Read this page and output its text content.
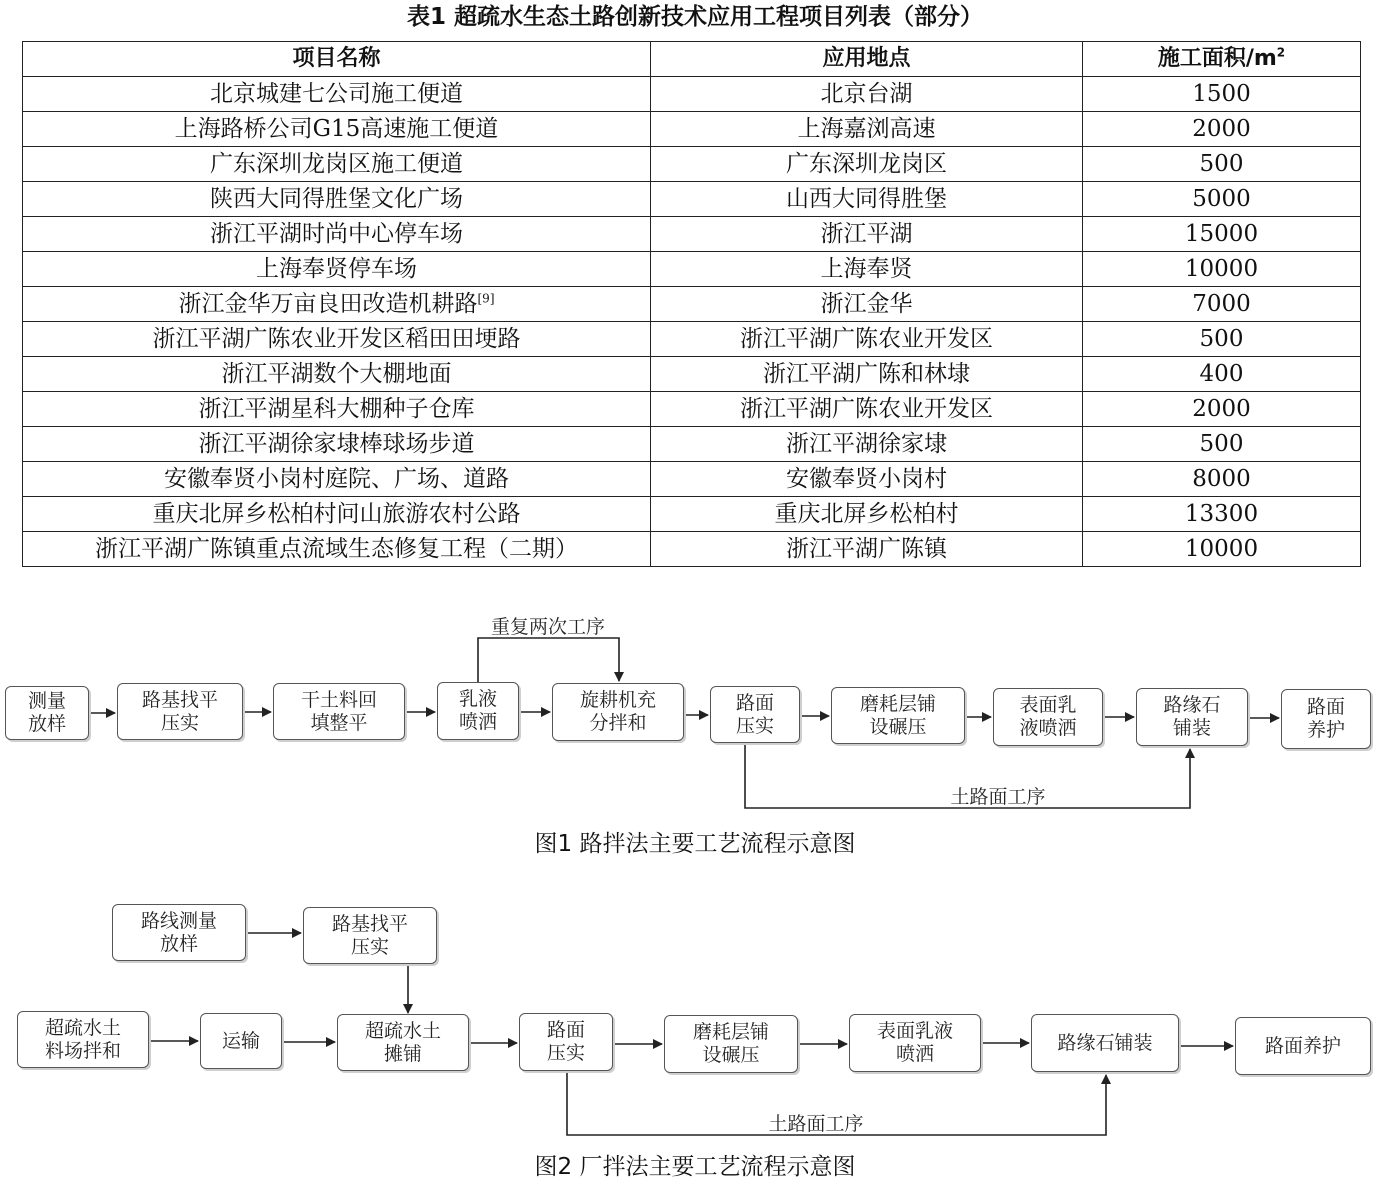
表1 超疏水生态土路创新技术应用工程项目列表（部分）
项目名称	应用地点	施工面积$/m^2$
北京城建七公司施工便道	北京台湖	1500
上海路桥公司G15高速施工便道	上海嘉浏高速	2000
广东深圳龙岗区施工便道	广东深圳龙岗区	500
陕西大同得胜堡文化广场	山西大同得胜堡	5000
浙江平湖时尚中心停车场	浙江平湖	15000
上海奉贤停车场	上海奉贤	10000
浙江金华万亩良田改造机耕路[9]	浙江金华	7000
浙江平湖广陈农业开发区稻田田埂路	浙江平湖广陈农业开发区	500
浙江平湖数个大棚地面	浙江平湖广陈和林埭	400
浙江平湖星科大棚种子仓库	浙江平湖广陈农业开发区	2000
浙江平湖徐家埭棒球场步道	浙江平湖徐家埭	500
安徽奉贤小岗村庭院、广场、道路	安徽奉贤小岗村	8000
重庆北屏乡松柏村问山旅游农村公路	重庆北屏乡松柏村	13300
浙江平湖广陈镇重点流域生态修复工程（二期）	浙江平湖广陈镇	10000
重复两次工序
土路面工序
土路面工序
测量
放样
路基找平
压实
干土料回
填整平
乳液
喷洒
旋耕机充
分拌和
路面
压实
磨耗层铺
设碾压
表面乳
液喷洒
路缘石
铺装
路面
养护
路线测量
放样
路基找平
压实
超疏水土
料场拌和	运输	超疏水土
摊铺
路面
压实
磨耗层铺
设碾压
表面乳液
喷洒
路缘石铺装	路面养护
图1 路拌法主要工艺流程示意图
图2 厂拌法主要工艺流程示意图
